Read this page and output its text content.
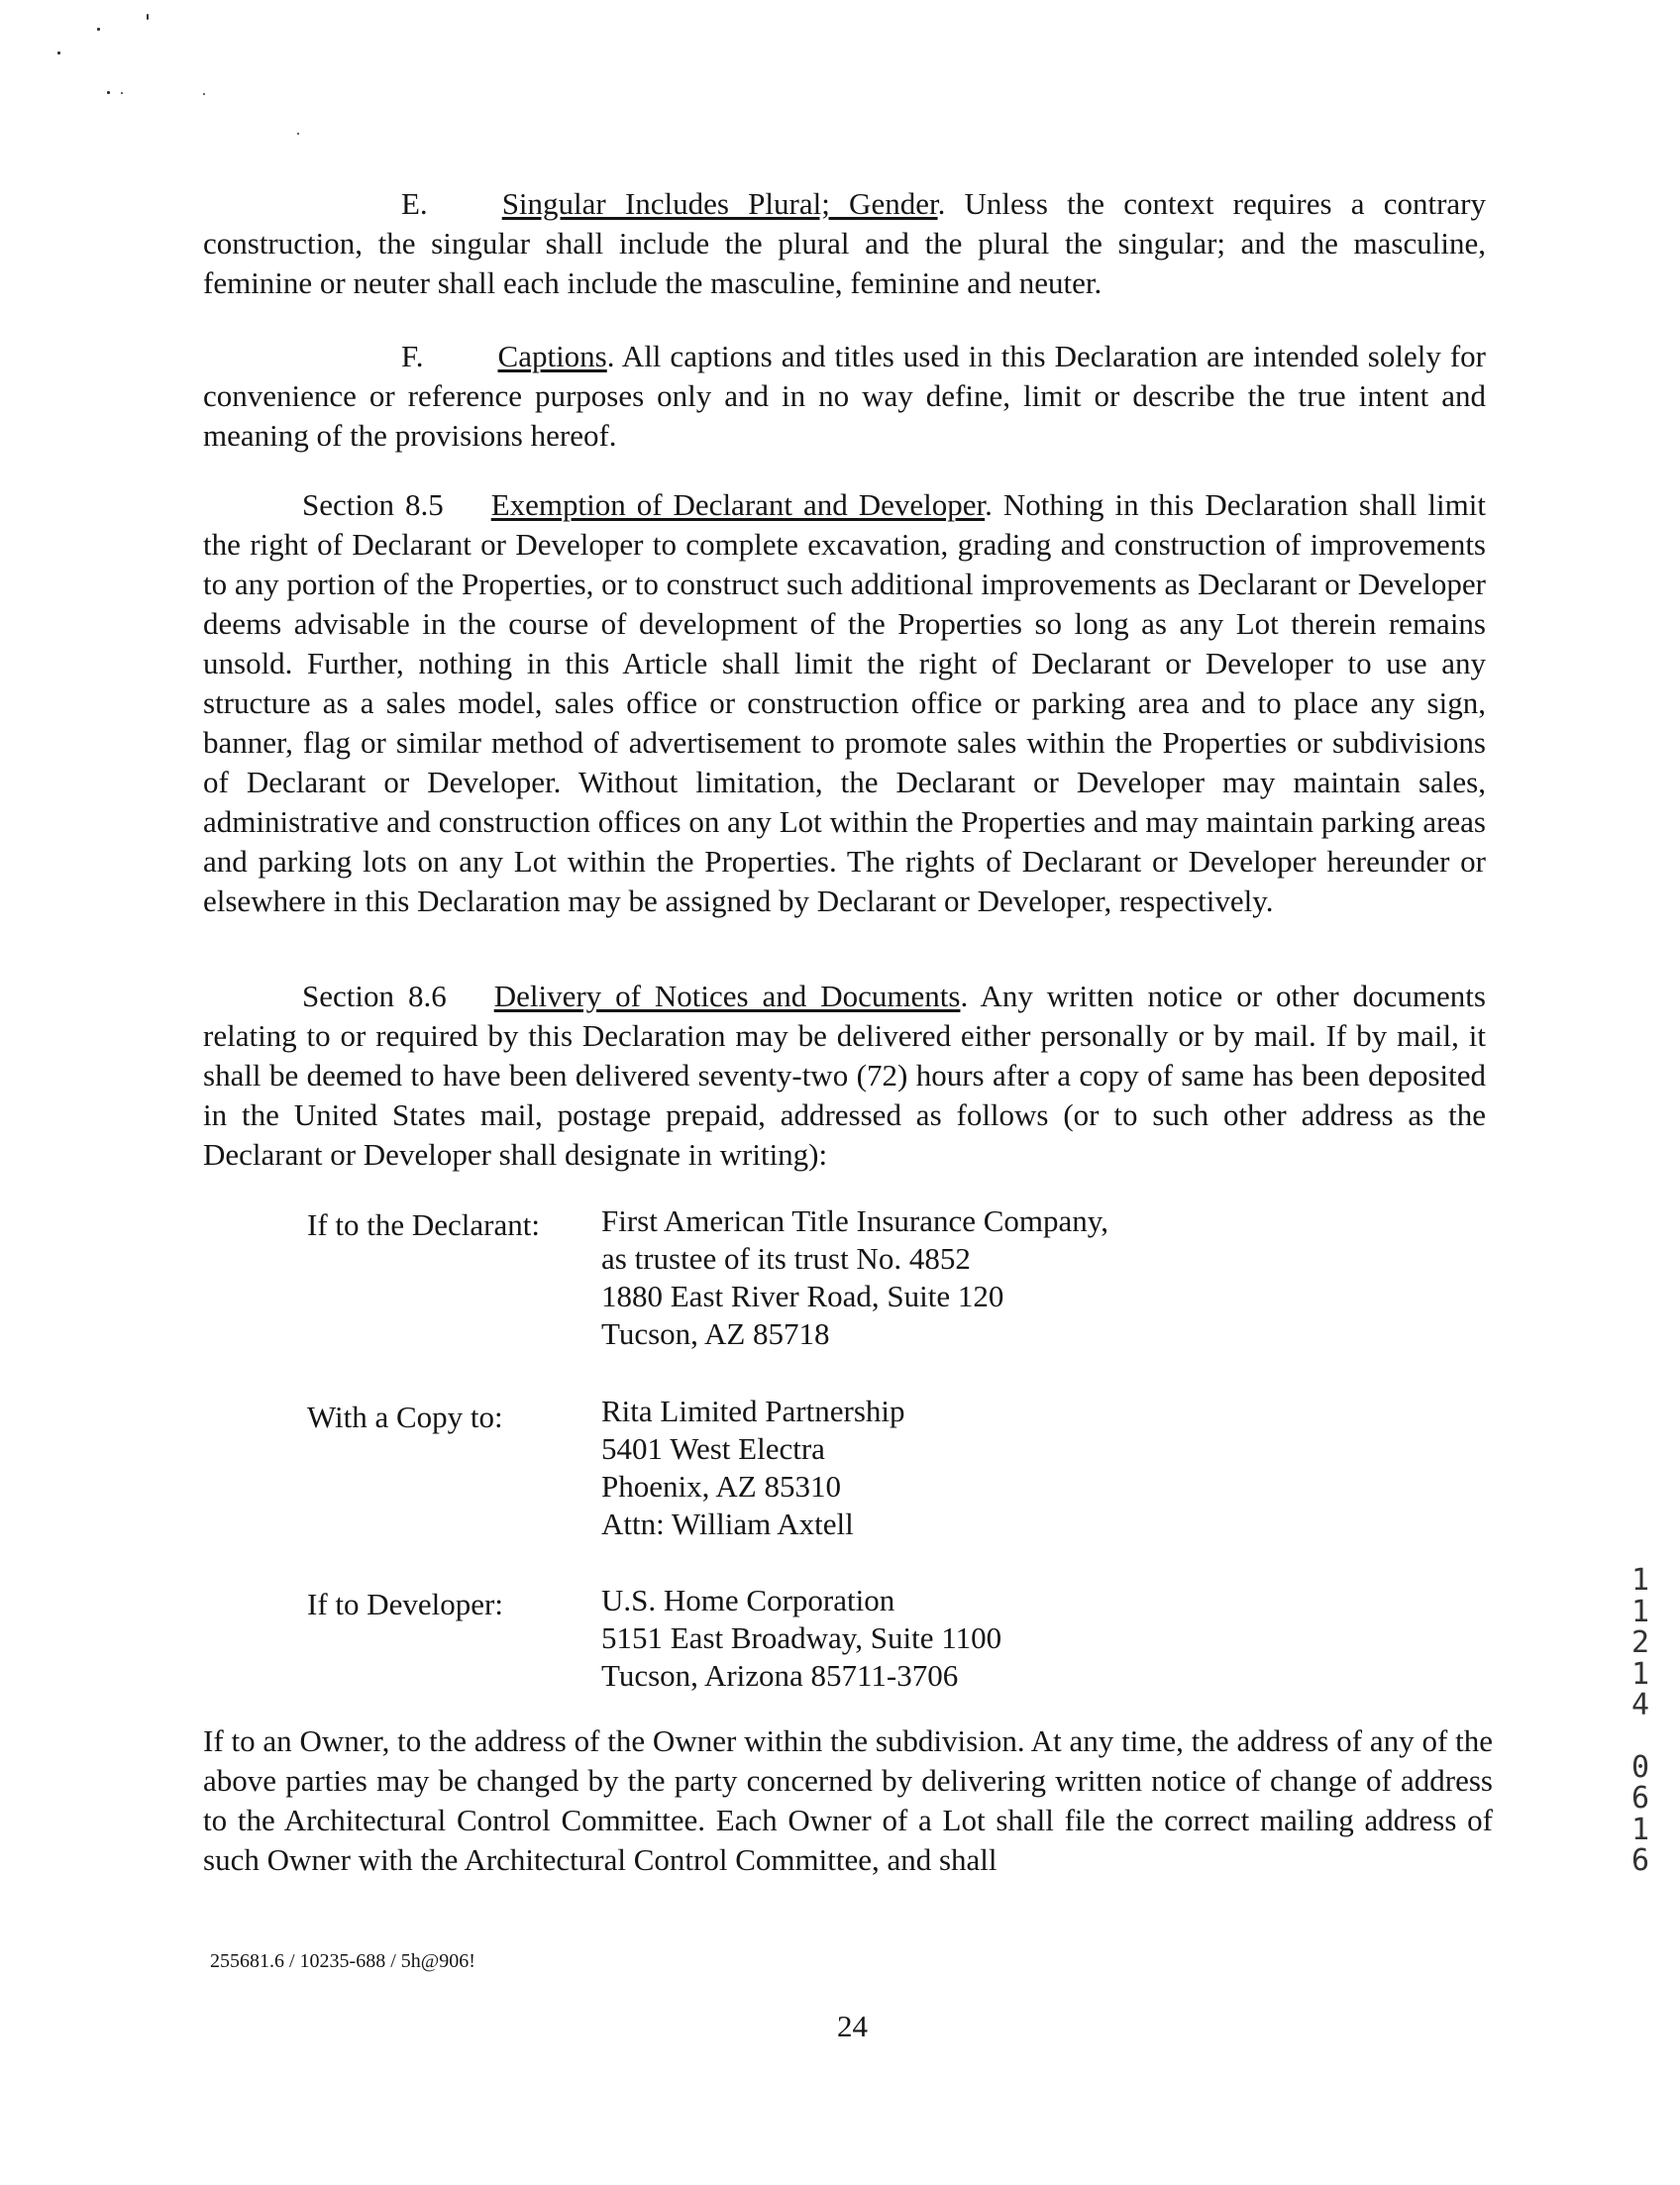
E. Singular Includes Plural; Gender. Unless the context requires a contrary construction, the singular shall include the plural and the plural the singular; and the masculine, feminine or neuter shall each include the masculine, feminine and neuter.

F. Captions. All captions and titles used in this Declaration are intended solely for convenience or reference purposes only and in no way define, limit or describe the true intent and meaning of the provisions hereof.

Section 8.5 Exemption of Declarant and Developer. Nothing in this Declaration shall limit the right of Declarant or Developer to complete excavation, grading and construction of improvements to any portion of the Properties, or to construct such additional improvements as Declarant or Developer deems advisable in the course of development of the Properties so long as any Lot therein remains unsold. Further, nothing in this Article shall limit the right of Declarant or Developer to use any structure as a sales model, sales office or construction office or parking area and to place any sign, banner, flag or similar method of advertisement to promote sales within the Properties or subdivisions of Declarant or Developer. Without limitation, the Declarant or Developer may maintain sales, administrative and construction offices on any Lot within the Properties and may maintain parking areas and parking lots on any Lot within the Properties. The rights of Declarant or Developer hereunder or elsewhere in this Declaration may be assigned by Declarant or Developer, respectively.

Section 8.6 Delivery of Notices and Documents. Any written notice or other documents relating to or required by this Declaration may be delivered either personally or by mail. If by mail, it shall be deemed to have been delivered seventy-two (72) hours after a copy of same has been deposited in the United States mail, postage prepaid, addressed as follows (or to such other address as the Declarant or Developer shall designate in writing):

If to the Declarant: First American Title Insurance Company,
as trustee of its trust No. 4852
1880 East River Road, Suite 120
Tucson, AZ 85718

With a Copy to:	Rita Limited Partnership
5401 West Electra
Phoenix, AZ 85310
Attn: William Axtell

If to Developer:	U.S. Home Corporation
5151 East Broadway, Suite 1100
Tucson, Arizona 85711-3706

If to an Owner, to the address of the Owner within the subdivision. At any time, the address of any of the above parties may be changed by the party concerned by delivering written notice of change of address to the Architectural Control Committee. Each Owner of a Lot shall file the correct mailing address of such Owner with the Architectural Control Committee, and shall

255681.6 / 10235-688 / 5h@906!

24

1
1
2
1
4
0
6
1
6
